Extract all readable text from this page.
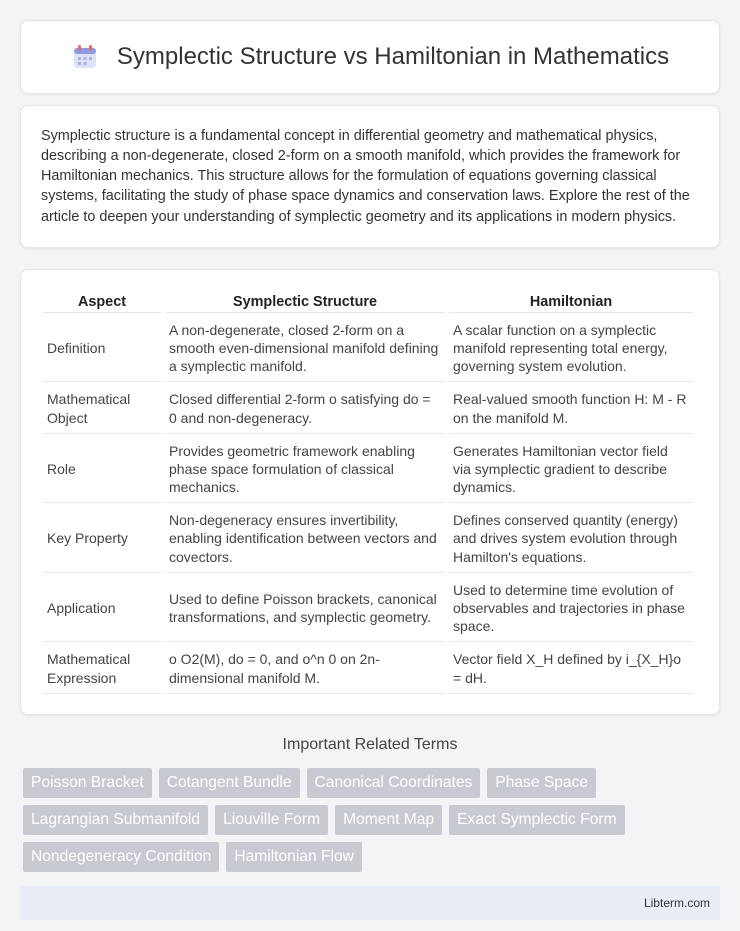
Symplectic Structure vs Hamiltonian in Mathematics

Symplectic structure is a fundamental concept in differential geometry and mathematical physics, describing a non-degenerate, closed 2-form on a smooth manifold, which provides the framework for Hamiltonian mechanics. This structure allows for the formulation of equations governing classical systems, facilitating the study of phase space dynamics and conservation laws. Explore the rest of the article to deepen your understanding of symplectic geometry and its applications in modern physics.

Aspect	Symplectic Structure	Hamiltonian
Definition	A non-degenerate, closed 2-form on a smooth even-dimensional manifold defining a symplectic manifold.	A scalar function on a symplectic manifold representing total energy, governing system evolution.
Mathematical Object	Closed differential 2-form o satisfying do = 0 and non-degeneracy.	Real-valued smooth function H: M - R on the manifold M.
Role	Provides geometric framework enabling phase space formulation of classical mechanics.	Generates Hamiltonian vector field via symplectic gradient to describe dynamics.
Key Property	Non-degeneracy ensures invertibility, enabling identification between vectors and covectors.	Defines conserved quantity (energy) and drives system evolution through Hamilton's equations.
Application	Used to define Poisson brackets, canonical transformations, and symplectic geometry.	Used to determine time evolution of observables and trajectories in phase space.
Mathematical Expression	o O2(M), do = 0, and o^n 0 on 2n-dimensional manifold M.	Vector field X_H defined by i_{X_H}o = dH.
Important Related Terms
Poisson Bracket	Cotangent Bundle	Canonical Coordinates	Phase Space
Lagrangian Submanifold	Liouville Form	Moment Map	Exact Symplectic Form
Nondegeneracy Condition	Hamiltonian Flow
Libterm.com
